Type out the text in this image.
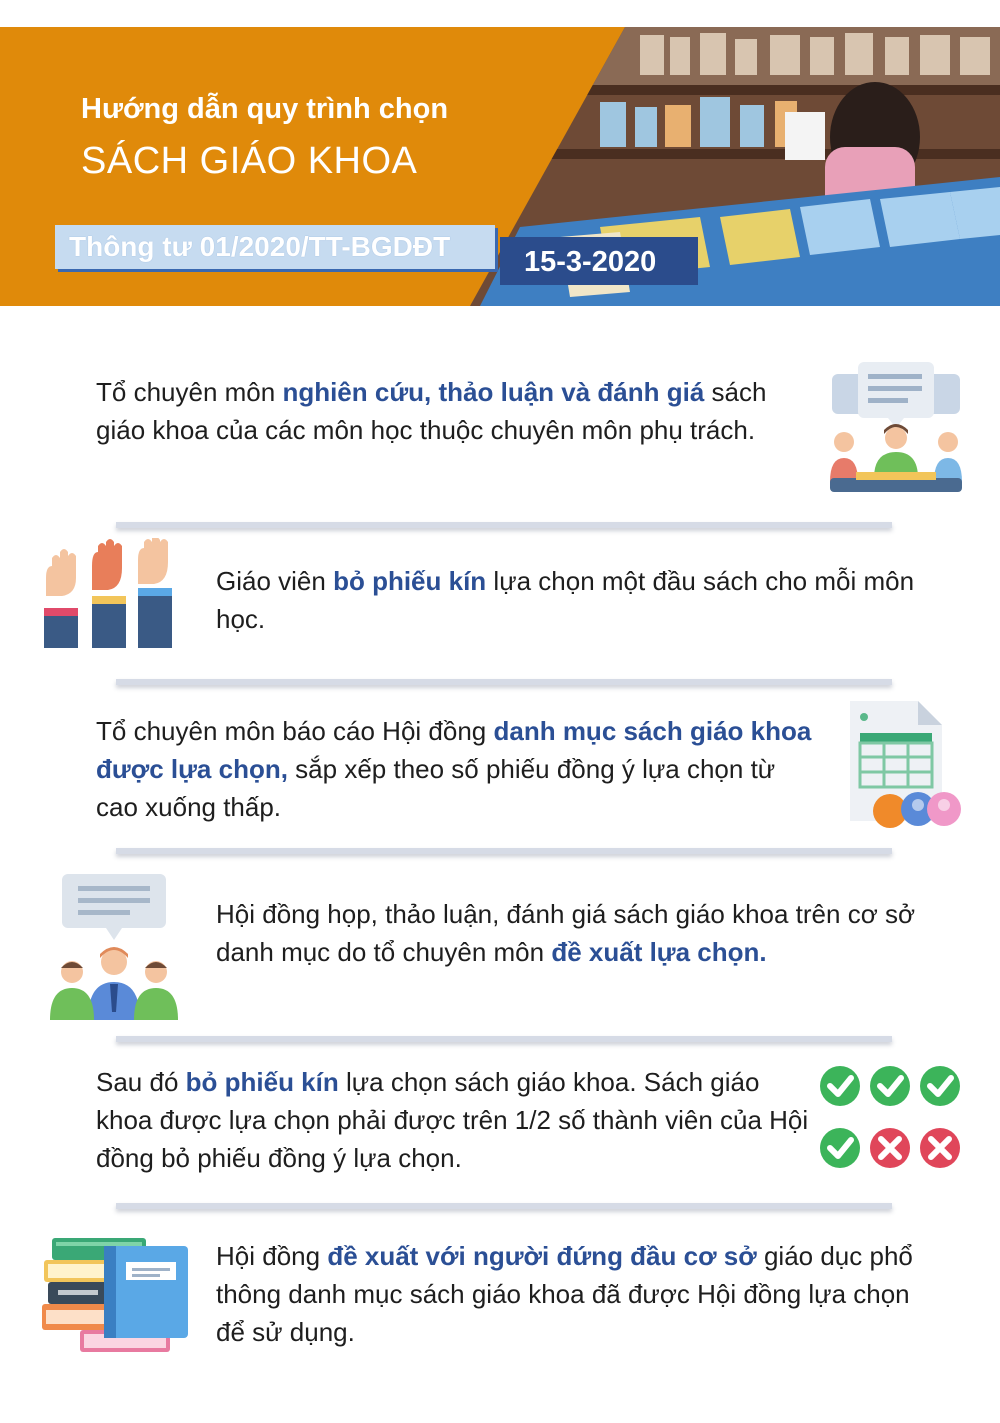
Hướng dẫn quy trình chọn
SÁCH GIÁO KHOA
Thông tư 01/2020/TT-BGDĐT	15-3-2020
Tổ chuyên môn nghiên cứu, thảo luận và đánh giá sách giáo khoa của các môn học thuộc chuyên môn phụ trách.
Giáo viên bỏ phiếu kín lựa chọn một đầu sách cho mỗi môn học.
Tổ chuyên môn báo cáo Hội đồng danh mục sách giáo khoa được lựa chọn, sắp xếp theo số phiếu đồng ý lựa chọn từ cao xuống thấp.
Hội đồng họp, thảo luận, đánh giá sách giáo khoa trên cơ sở danh mục do tổ chuyên môn đề xuất lựa chọn.
Sau đó bỏ phiếu kín lựa chọn sách giáo khoa. Sách giáo khoa được lựa chọn phải được trên 1/2 số thành viên của Hội đồng bỏ phiếu đồng ý lựa chọn.
Hội đồng đề xuất với người đứng đầu cơ sở giáo dục phổ thông danh mục sách giáo khoa đã được Hội đồng lựa chọn để sử dụng.
